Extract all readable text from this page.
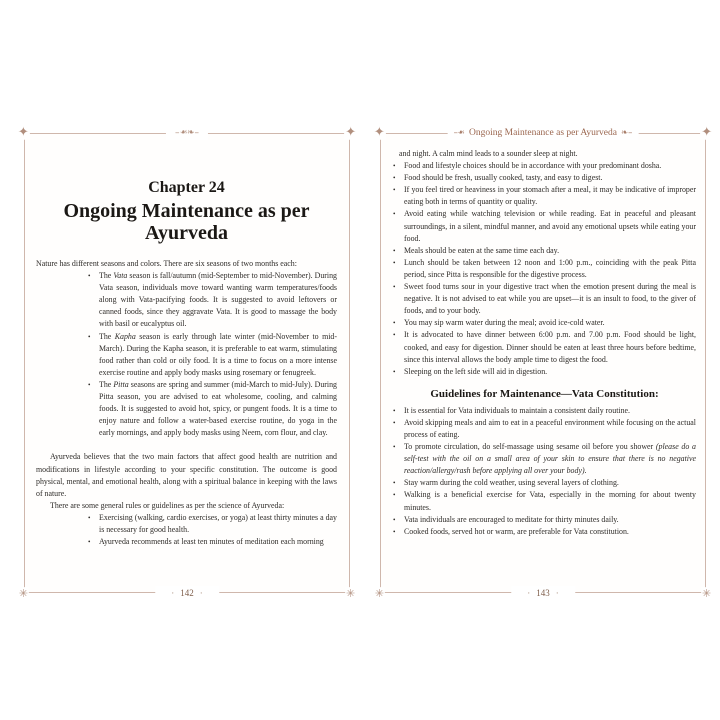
✦	✦
✳	✳
–❧❧–
Chapter 24
Ongoing Maintenance as per Ayurveda

Nature has different seasons and colors. There are six seasons of two months each:

• The Vata season is fall/autumn (mid-September to mid-November). During Vata season, individuals move toward wanting warm temperatures/foods along with Vata-pacifying foods. It is suggested to avoid leftovers or canned foods, since they aggravate Vata. It is good to massage the body with basil or eucalyptus oil.
• The Kapha season is early through late winter (mid-November to mid-March). During the Kapha season, it is preferable to eat warm, stimulating food rather than cold or oily food. It is a time to focus on a more intense exercise routine and apply body masks using rosemary or fenugreek.
• The Pitta seasons are spring and summer (mid-March to mid-July). During Pitta season, you are advised to eat wholesome, cooling, and calming foods. It is suggested to avoid hot, spicy, or pungent foods. It is a time to enjoy nature and follow a water-based exercise routine, do yoga in the early mornings, and apply body masks using Neem, corn flour, and clay.

Ayurveda believes that the two main factors that affect good health are nutrition and modifications in lifestyle according to your specific constitution. The outcome is good physical, mental, and emotional health, along with a spiritual balance in keeping with the laws of nature.

There are some general rules or guidelines as per the science of Ayurveda:

• Exercising (walking, cardio exercises, or yoga) at least thirty minutes a day is necessary for good health.
• Ayurveda recommends at least ten minutes of meditation each morning
· 142 ·
✦	✦
✳	✳
–❧ Ongoing Maintenance as per Ayurveda ❧–

and night. A calm mind leads to a sounder sleep at night.

• Food and lifestyle choices should be in accordance with your predominant dosha.
• Food should be fresh, usually cooked, tasty, and easy to digest.
• If you feel tired or heaviness in your stomach after a meal, it may be indicative of improper eating both in terms of quantity or quality.
• Avoid eating while watching television or while reading. Eat in peaceful and pleasant surroundings, in a silent, mindful manner, and avoid any emotional upsets while eating your food.
• Meals should be eaten at the same time each day.
• Lunch should be taken between 12 noon and 1:00 p.m., coinciding with the peak Pitta period, since Pitta is responsible for the digestive process.
• Sweet food turns sour in your digestive tract when the emotion present during the meal is negative. It is not advised to eat while you are upset—it is an insult to food, to the giver of foods, and to your body.
• You may sip warm water during the meal; avoid ice-cold water.
• It is advocated to have dinner between 6:00 p.m. and 7.00 p.m. Food should be light, cooked, and easy for digestion. Dinner should be eaten at least three hours before bedtime, since this interval allows the body ample time to digest the food.
• Sleeping on the left side will aid in digestion.
Guidelines for Maintenance—Vata Constitution:
• It is essential for Vata individuals to maintain a consistent daily routine.
• Avoid skipping meals and aim to eat in a peaceful environment while focusing on the actual process of eating.
• To promote circulation, do self-massage using sesame oil before you shower (please do a self-test with the oil on a small area of your skin to ensure that there is no negative reaction/allergy/rash before applying all over your body).
• Stay warm during the cold weather, using several layers of clothing.
• Walking is a beneficial exercise for Vata, especially in the morning for about twenty minutes.
• Vata individuals are encouraged to meditate for thirty minutes daily.
• Cooked foods, served hot or warm, are preferable for Vata constitution.
· 143 ·
